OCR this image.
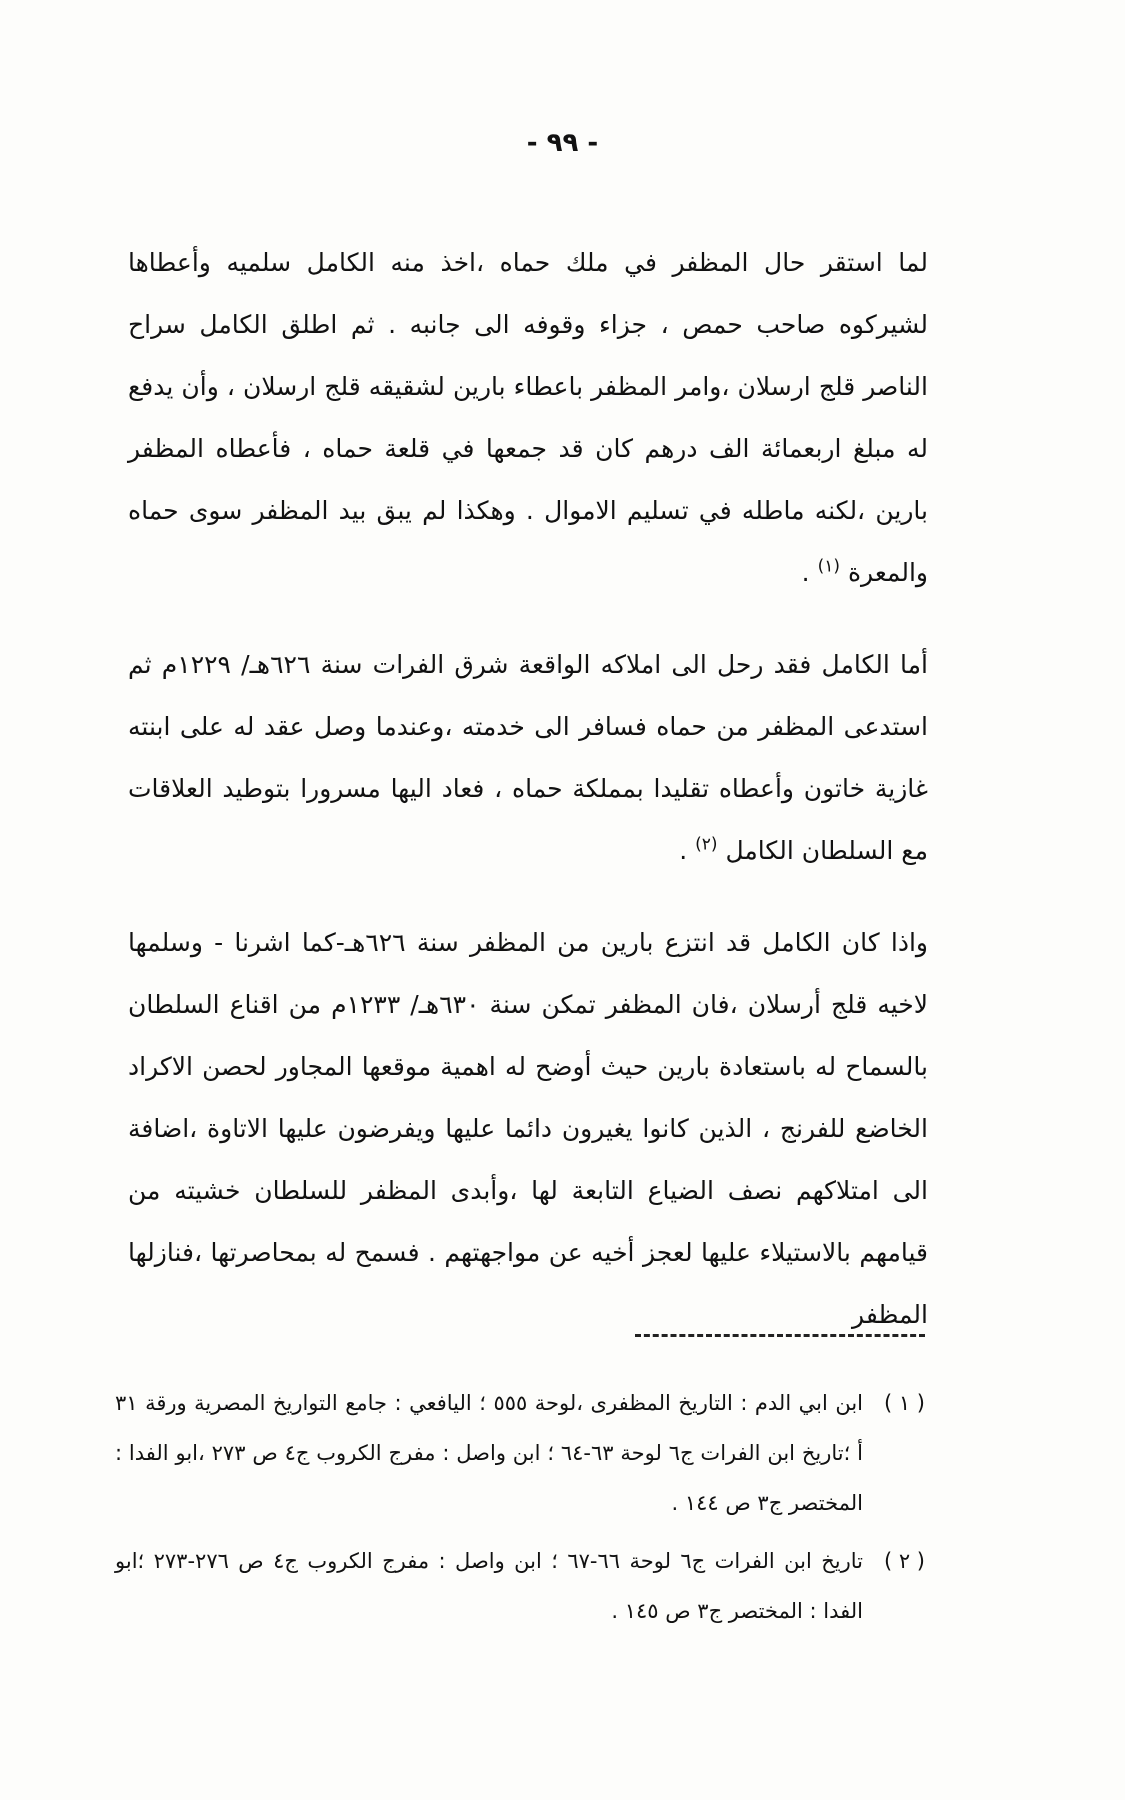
- ٩٩ -

لما استقر حال المظفر في ملك حماه ،اخذ منه الكامل سلميه وأعطاها لشيركوه صاحب حمص ، جزاء وقوفه الى جانبه . ثم اطلق الكامل سراح الناصر قلج ارسلان ،وامر المظفر باعطاء بارين لشقيقه قلج ارسلان ، وأن يدفع له مبلغ اربعمائة الف درهم كان قد جمعها في قلعة حماه ، فأعطاه المظفر بارين ،لكنه ماطله في تسليم الاموال . وهكذا لم يبق بيد المظفر سوى حماه والمعرة $^{(١)}$ .

أما الكامل فقد رحل الى املاكه الواقعة شرق الفرات سنة ٦٢٦هـ/ ١٢٢٩م ثم استدعى المظفر من حماه فسافر الى خدمته ،وعندما وصل عقد له على ابنته غازية خاتون وأعطاه تقليدا بمملكة حماه ، فعاد اليها مسرورا بتوطيد العلاقات مع السلطان الكامل $^{(٢)}$ .

واذا كان الكامل قد انتزع بارين من المظفر سنة ٦٢٦هـ-كما اشرنا - وسلمها لاخيه قلج أرسلان ،فان المظفر تمكن سنة ٦٣٠هـ/ ١٢٣٣م من اقناع السلطان بالسماح له باستعادة بارين حيث أوضح له اهمية موقعها المجاور لحصن الاكراد الخاضع للفرنج ، الذين كانوا يغيرون دائما عليها ويفرضون عليها الاتاوة ،اضافة الى امتلاكهم نصف الضياع التابعة لها ،وأبدى المظفر للسلطان خشيته من قيامهم بالاستيلاء عليها لعجز أخيه عن مواجهتهم . فسمح له بمحاصرتها ،فنازلها المظفر

( ١ )
ابن ابي الدم : التاريخ المظفرى ،لوحة ٥٥٥ ؛ اليافعي : جامع التواريخ المصرية ورقة ٣١ أ ؛تاريخ ابن الفرات ج٦ لوحة ٦٣-٦٤ ؛ ابن واصل : مفرج الكروب ج٤ ص ٢٧٣ ،ابو الفدا : المختصر ج٣ ص ١٤٤ .
( ٢ )
تاريخ ابن الفرات ج٦ لوحة ٦٦-٦٧ ؛ ابن واصل : مفرج الكروب ج٤ ص ٢٧٦-٢٧٣ ؛ابو الفدا : المختصر ج٣ ص ١٤٥ .
